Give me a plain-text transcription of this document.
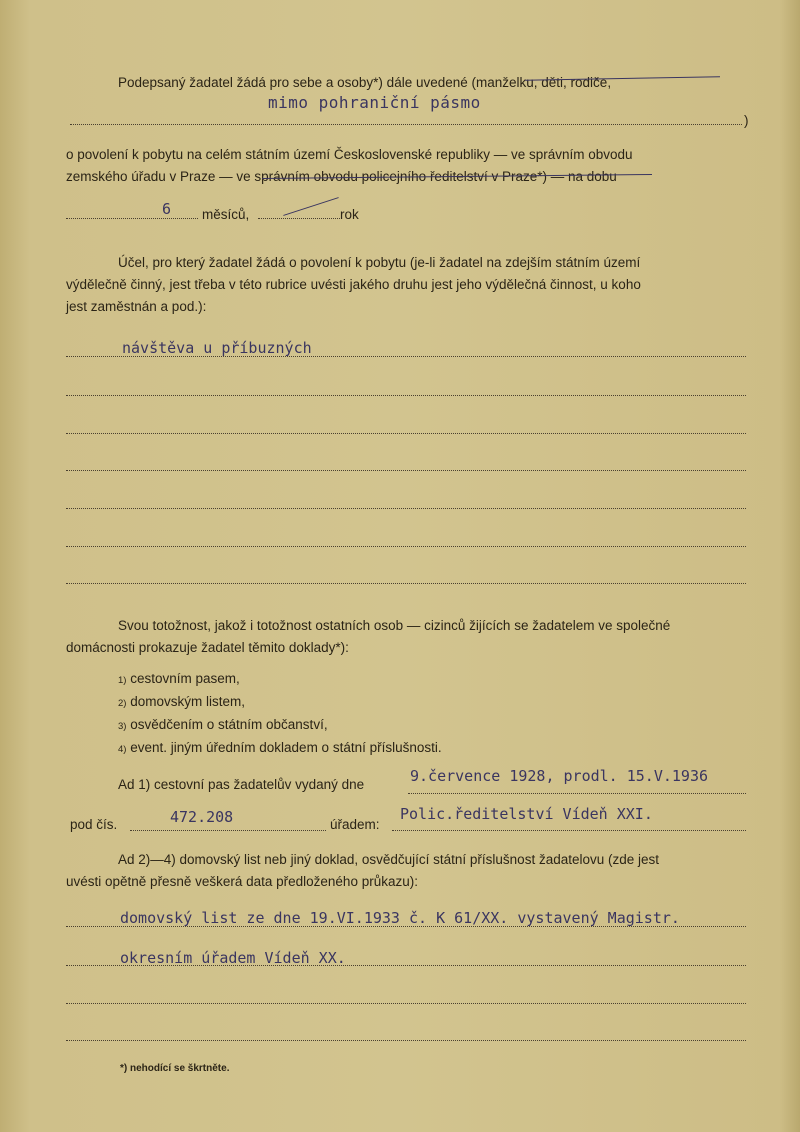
Podepsaný žadatel žádá pro sebe a osoby*) dále uvedené (manželku, děti, rodiče,
mimo pohraniční pásmo
)
o povolení k pobytu na celém státním území Československé republiky — ve správním obvodu
zemského úřadu v Praze — ve správním obvodu policejního ředitelství v Praze*) — na dobu
6 měsíců,	rok
Účel, pro který žadatel žádá o povolení k pobytu (je-li žadatel na zdejším státním území
výdělečně činný, jest třeba v této rubrice uvésti jakého druhu jest jeho výdělečná činnost, u koho
jest zaměstnán a pod.):
návštěva u příbuzných
Svou totožnost, jakož i totožnost ostatních osob — cizinců žijících se žadatelem ve společné
domácnosti prokazuje žadatel těmito doklady*):
1) cestovním pasem,
2) domovským listem,
3) osvědčením o státním občanství,
4) event. jiným úředním dokladem o státní příslušnosti.
Ad 1) cestovní pas žadatelův vydaný dne	9.července 1928, prodl. 15.V.1936
pod čís.	472.208	úřadem:
Polic.ředitelství Vídeň XXI.
Ad 2)—4) domovský list neb jiný doklad, osvědčující státní příslušnost žadatelovu (zde jest
uvésti opětně přesně veškerá data předloženého průkazu):
domovský list ze dne 19.VI.1933 č. K 61/XX. vystavený Magistr.
okresním úřadem Vídeň XX.
*) nehodící se škrtněte.
